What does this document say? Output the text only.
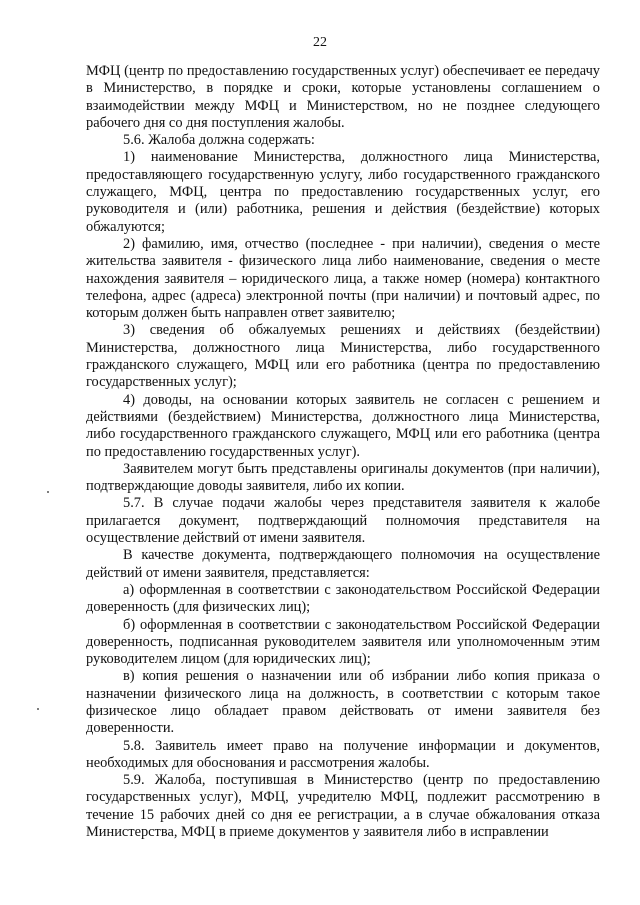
22

МФЦ (центр по предоставлению государственных услуг) обеспечивает ее передачу в Министерство, в порядке и сроки, которые установлены соглашением о взаимодействии между МФЦ и Министерством, но не позднее следующего рабочего дня со дня поступления жалобы.

5.6. Жалоба должна содержать:

1) наименование Министерства, должностного лица Министерства, предоставляющего государственную услугу, либо государственного гражданского служащего, МФЦ, центра по предоставлению государственных услуг, его руководителя и (или) работника, решения и действия (бездействие) которых обжалуются;

2) фамилию, имя, отчество (последнее - при наличии), сведения о месте жительства заявителя - физического лица либо наименование, сведения о месте нахождения заявителя – юридического лица, а также номер (номера) контактного телефона, адрес (адреса) электронной почты (при наличии) и почтовый адрес, по которым должен быть направлен ответ заявителю;

3) сведения об обжалуемых решениях и действиях (бездействии) Министерства, должностного лица Министерства, либо государственного гражданского служащего, МФЦ или его работника (центра по предоставлению государственных услуг);

4) доводы, на основании которых заявитель не согласен с решением и действиями (бездействием) Министерства, должностного лица Министерства, либо государственного гражданского служащего, МФЦ или его работника (центра по предоставлению государственных услуг).

Заявителем могут быть представлены оригиналы документов (при наличии), подтверждающие доводы заявителя, либо их копии.

5.7. В случае подачи жалобы через представителя заявителя к жалобе прилагается документ, подтверждающий полномочия представителя на осуществление действий от имени заявителя.

В качестве документа, подтверждающего полномочия на осуществление действий от имени заявителя, представляется:

а) оформленная в соответствии с законодательством Российской Федерации доверенность (для физических лиц);

б) оформленная в соответствии с законодательством Российской Федерации доверенность, подписанная руководителем заявителя или уполномоченным этим руководителем лицом (для юридических лиц);

в) копия решения о назначении или об избрании либо копия приказа о назначении физического лица на должность, в соответствии с которым такое физическое лицо обладает правом действовать от имени заявителя без доверенности.

5.8. Заявитель имеет право на получение информации и документов, необходимых для обоснования и рассмотрения жалобы.

5.9. Жалоба, поступившая в Министерство (центр по предоставлению государственных услуг), МФЦ, учредителю МФЦ, подлежит рассмотрению в течение 15 рабочих дней со дня ее регистрации, а в случае обжалования отказа Министерства, МФЦ в приеме документов у заявителя либо в исправлении
